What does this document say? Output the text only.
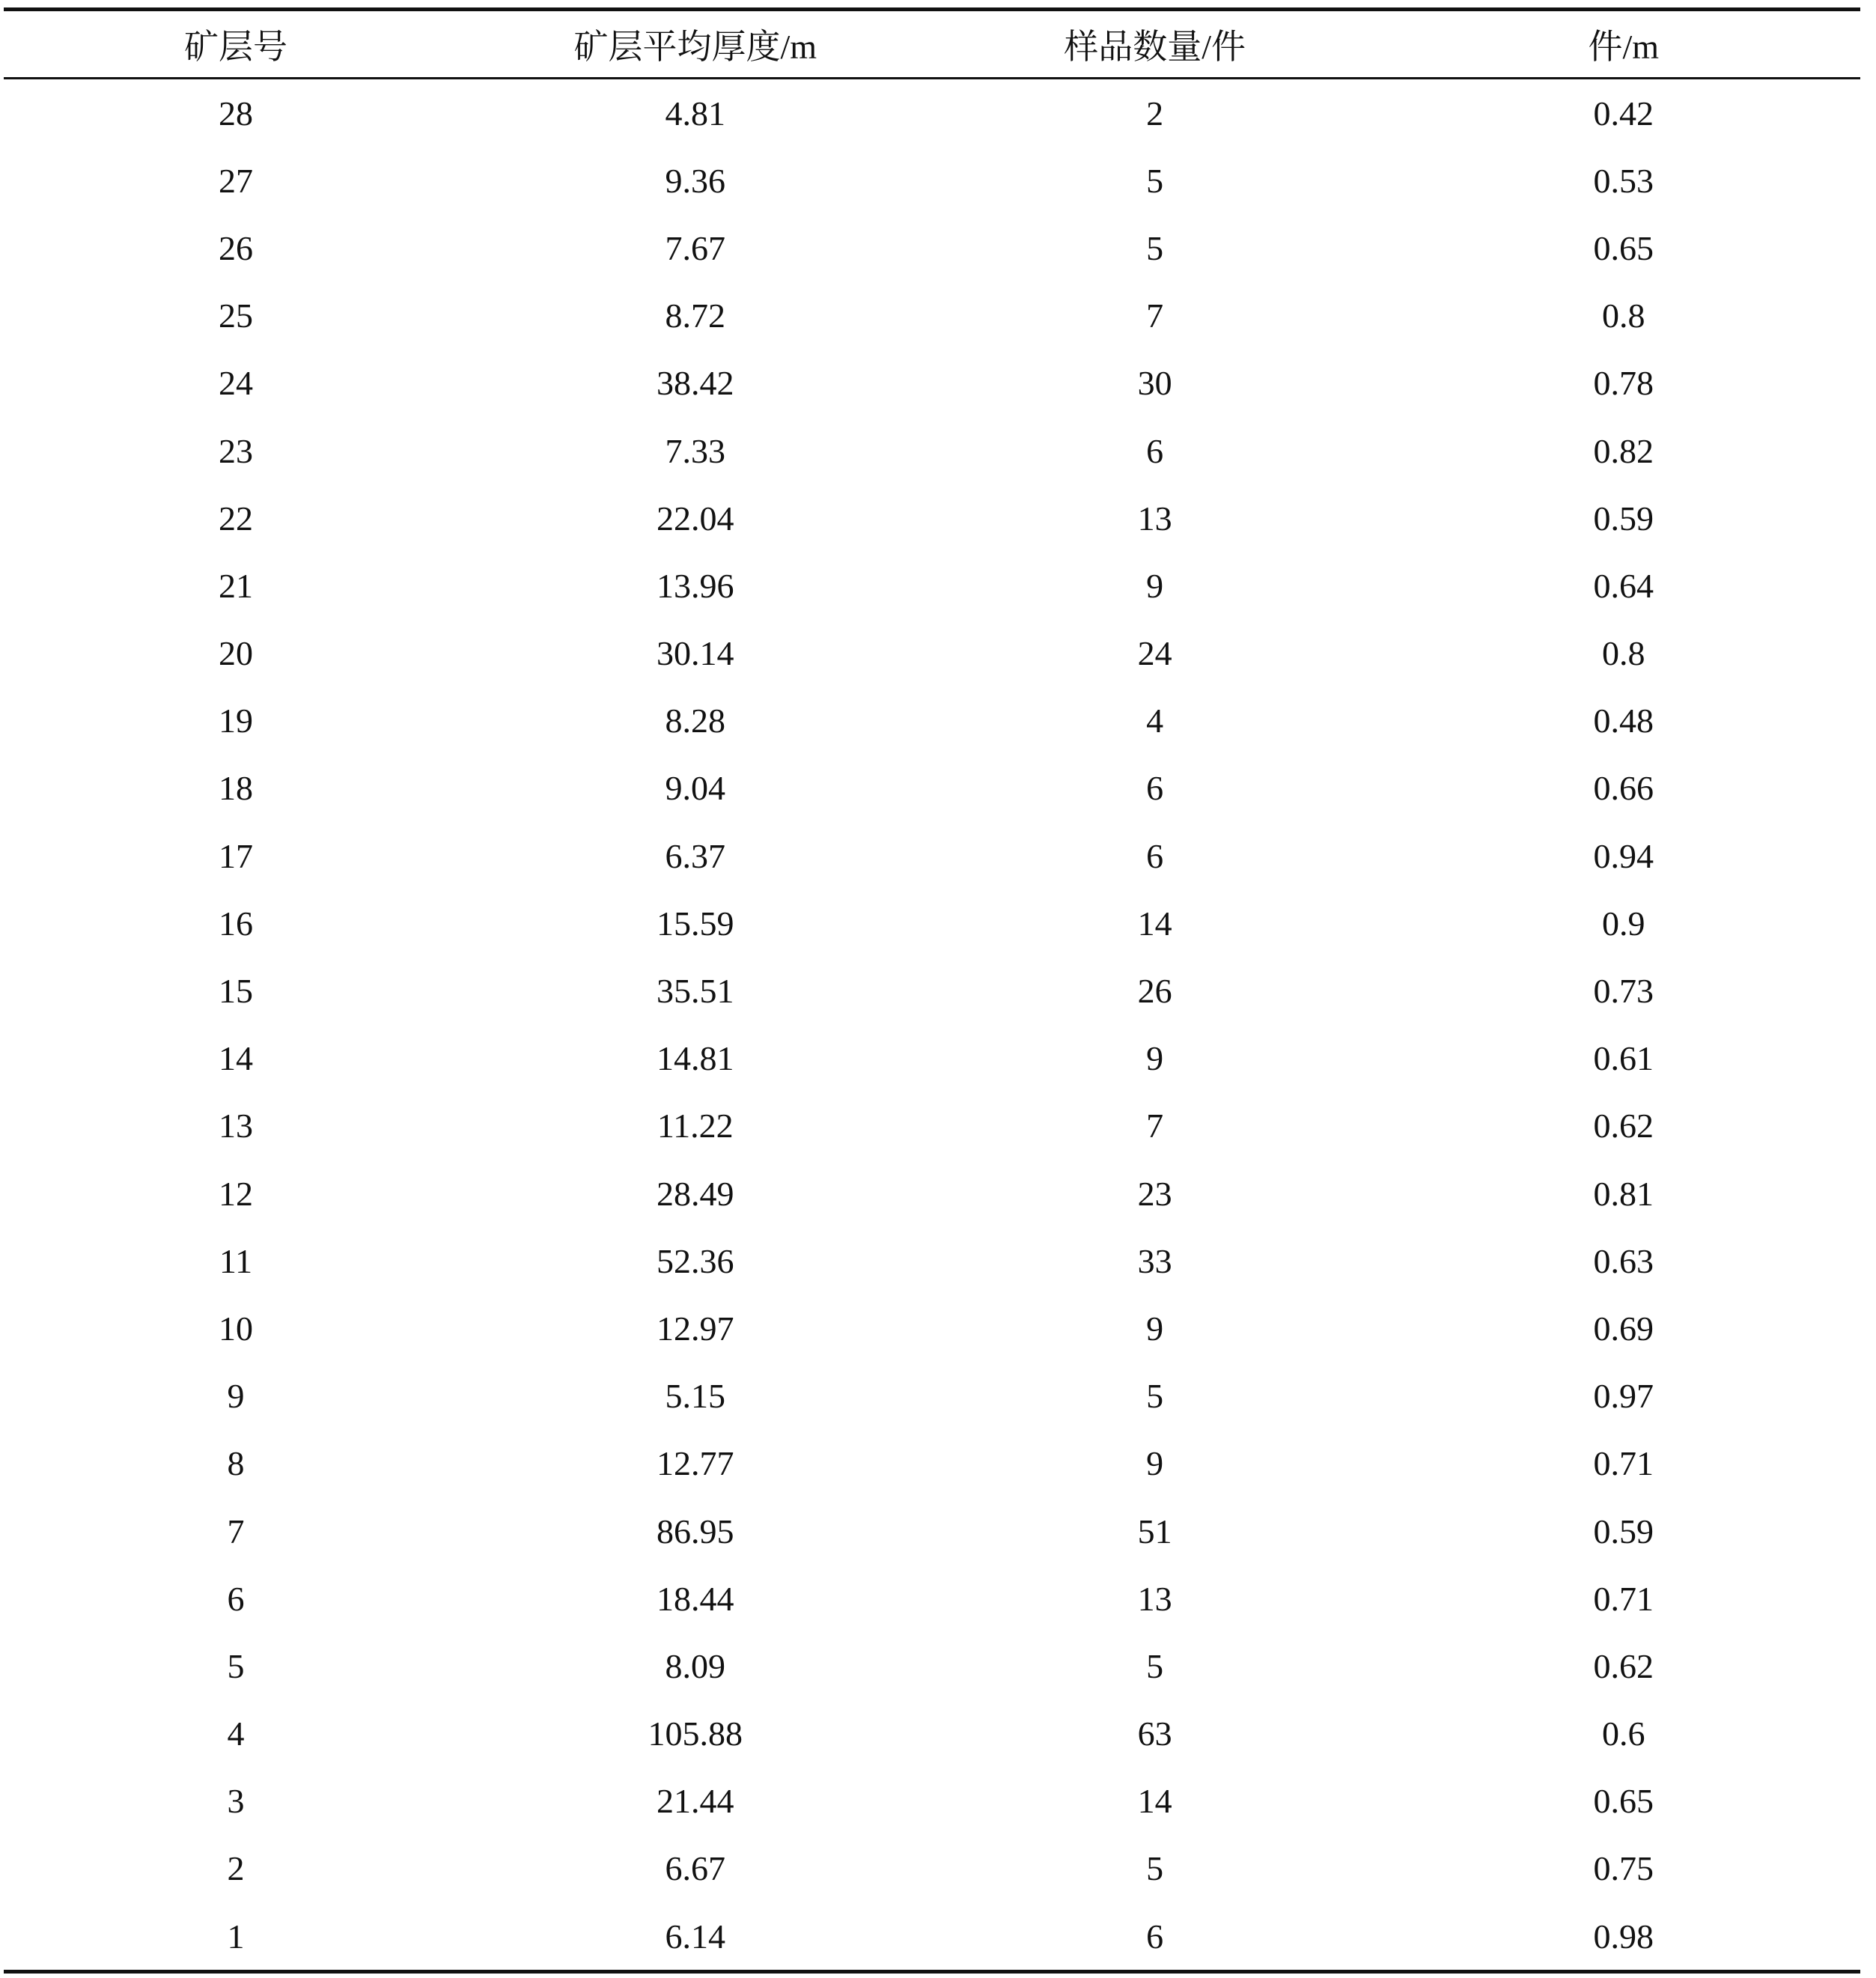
矿层号	矿层平均厚度/m	样品数量/件	件/m
28	4.81	2	0.42
27	9.36	5	0.53
26	7.67	5	0.65
25	8.72	7	0.8
24	38.42	30	0.78
23	7.33	6	0.82
22	22.04	13	0.59
21	13.96	9	0.64
20	30.14	24	0.8
19	8.28	4	0.48
18	9.04	6	0.66
17	6.37	6	0.94
16	15.59	14	0.9
15	35.51	26	0.73
14	14.81	9	0.61
13	11.22	7	0.62
12	28.49	23	0.81
11	52.36	33	0.63
10	12.97	9	0.69
9	5.15	5	0.97
8	12.77	9	0.71
7	86.95	51	0.59
6	18.44	13	0.71
5	8.09	5	0.62
4	105.88	63	0.6
3	21.44	14	0.65
2	6.67	5	0.75
1	6.14	6	0.98
